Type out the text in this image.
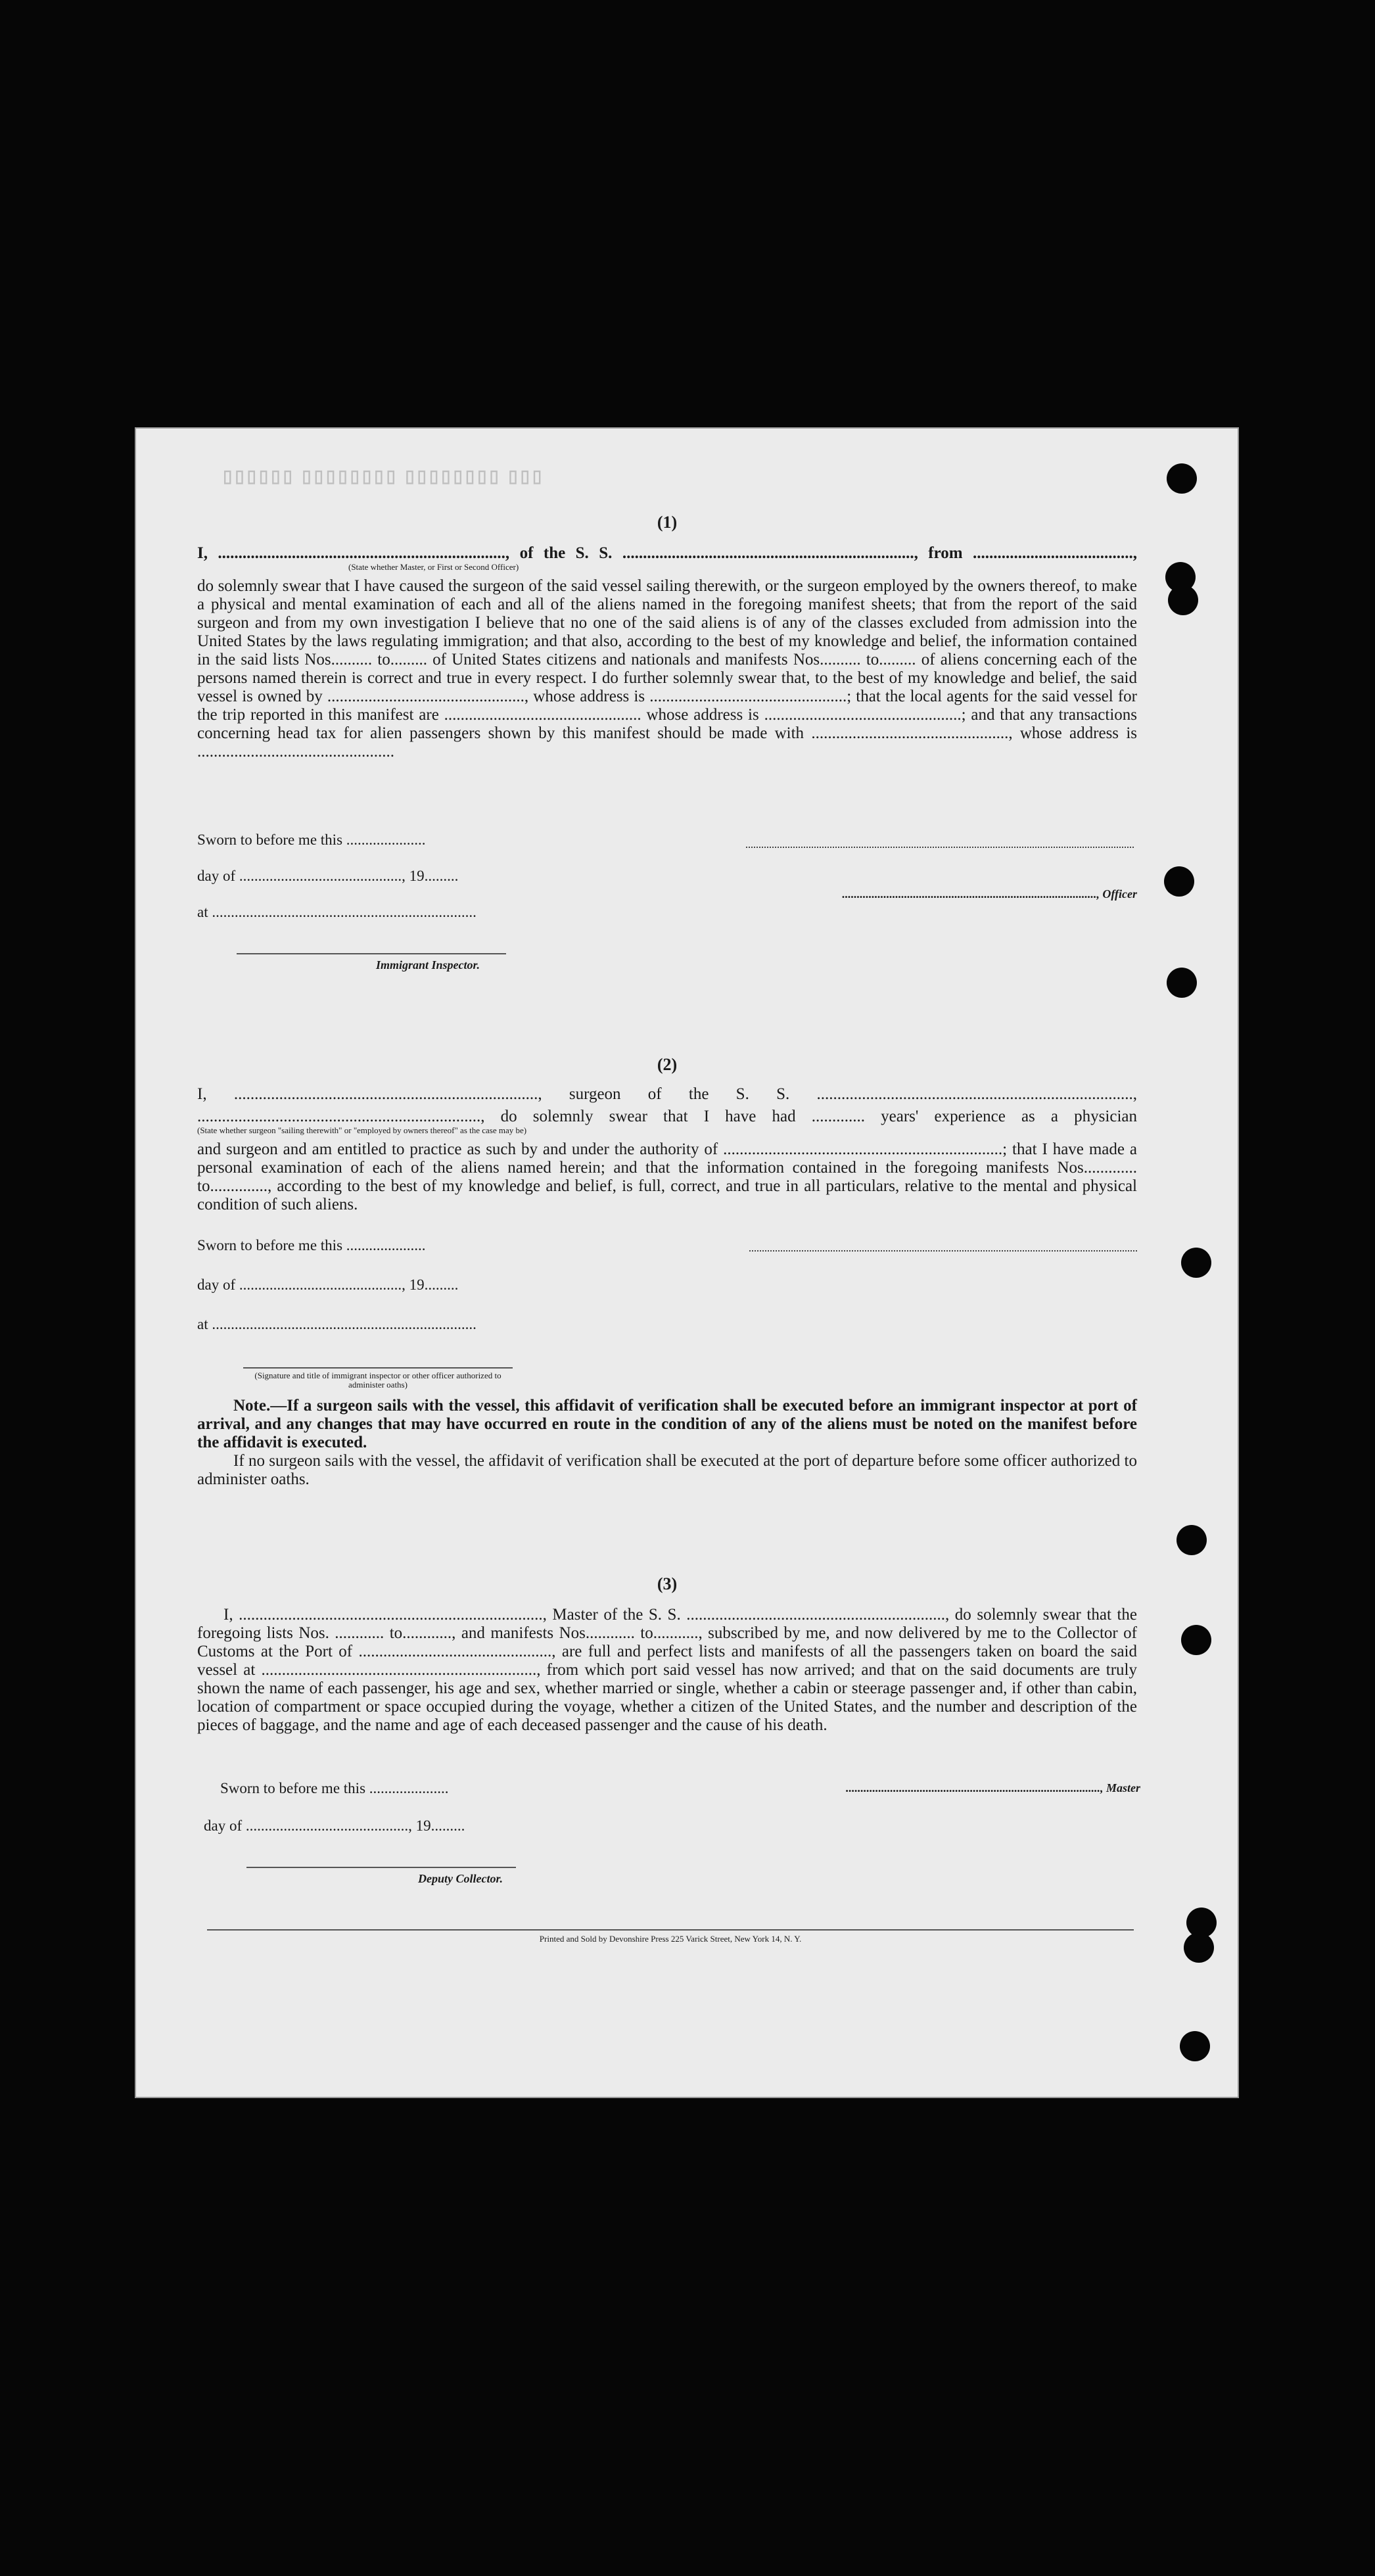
▯▯▯ ▯▯▯▯▯▯▯▯ ▯▯▯▯▯▯▯▯ ▯▯▯▯▯▯
(1)
I, ......................................................................, of the S. S. ......................................................................., from .......................................,
(State whether Master, or First or Second Officer)
do solemnly swear that I have caused the surgeon of the said vessel sailing therewith, or the surgeon employed by the owners thereof, to make a physical and mental examination of each and all of the aliens named in the foregoing manifest sheets; that from the report of the said surgeon and from my own investigation I believe that no one of the said aliens is of any of the classes excluded from admission into the United States by the laws regulating immigration; and that also, according to the best of my knowledge and belief, the information contained in the said lists Nos.......... to......... of United States citizens and nationals and manifests Nos.......... to......... of aliens concerning each of the persons named therein is correct and true in every respect. I do further solemnly swear that, to the best of my knowledge and belief, the said vessel is owned by ................................................, whose address is ................................................; that the local agents for the said vessel for the trip reported in this manifest are ................................................ whose address is ................................................; and that any transactions concerning head tax for alien passengers shown by this manifest should be made with ................................................, whose address is ................................................
Sworn to before me this .....................
day of ..........................................., 19.........
at ......................................................................
Immigrant Inspector.
......................................................................................, Officer
(2)
I, .........................................................................., surgeon of the S. S. .............................................................................,
....................................................................., do solemnly swear that I have had ............. years' experience as a physician
(State whether surgeon "sailing therewith" or "employed by owners thereof" as the case may be)
and surgeon and am entitled to practice as such by and under the authority of ....................................................................; that I have made a personal examination of each of the aliens named herein; and that the information contained in the foregoing manifests Nos............. to.............., according to the best of my knowledge and belief, is full, correct, and true in all particulars, relative to the mental and physical condition of such aliens.
Sworn to before me this .....................
day of ..........................................., 19.........
at ......................................................................
(Signature and title of immigrant inspector or other officer authorized to administer oaths)
Note.—If a surgeon sails with the vessel, this affidavit of verification shall be executed before an immigrant inspector at port of arrival, and any changes that may have occurred en route in the condition of any of the aliens must be noted on the manifest before the affidavit is executed.
If no surgeon sails with the vessel, the affidavit of verification shall be executed at the port of departure before some officer authorized to administer oaths.
(3)
I, .........................................................................., Master of the S. S. ..............................................................., do solemnly swear that the foregoing lists Nos. ............ to............, and manifests Nos............ to..........., subscribed by me, and now delivered by me to the Collector of Customs at the Port of ..............................................., are full and perfect lists and manifests of all the passengers taken on board the said vessel at ..................................................................., from which port said vessel has now arrived; and that on the said documents are truly shown the name of each passenger, his age and sex, whether married or single, whether a cabin or steerage passenger and, if other than cabin, location of compartment or space occupied during the voyage, whether a citizen of the United States, and the number and description of the pieces of baggage, and the name and age of each deceased passenger and the cause of his death.
Sworn to before me this .....................
day of ..........................................., 19.........
......................................................................................, Master
Deputy Collector.
Printed and Sold by Devonshire Press 225 Varick Street, New York 14, N. Y.
